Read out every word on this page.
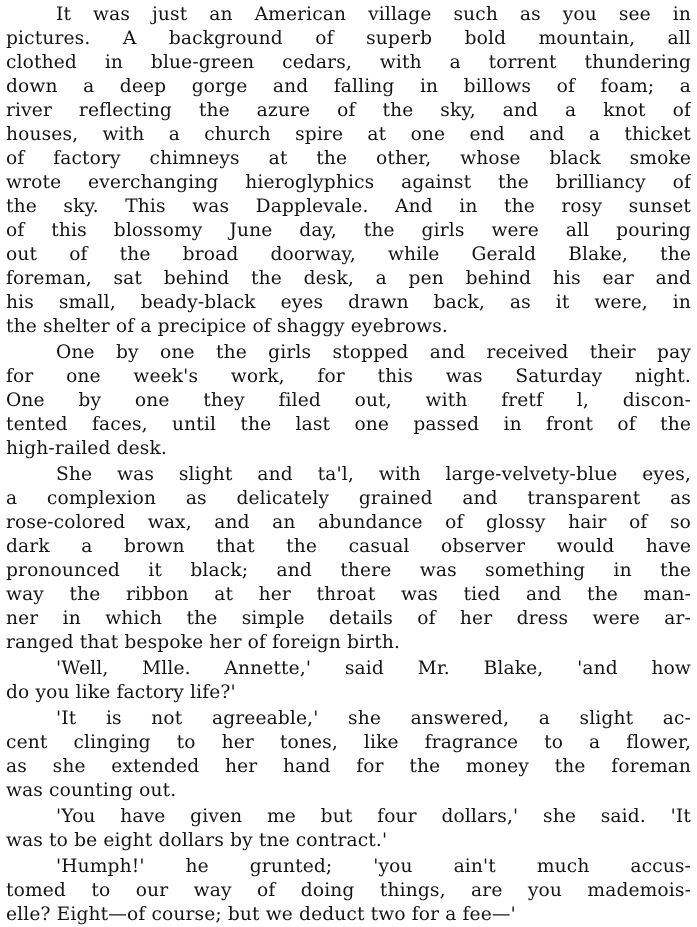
It was just an American village such as you see in
pictures. A background of superb bold mountain, all
clothed in blue-green cedars, with a torrent thundering
down a deep gorge and falling in billows of foam; a
river reflecting the azure of the sky, and a knot of
houses, with a church spire at one end and a thicket
of factory chimneys at the other, whose black smoke
wrote everchanging hieroglyphics against the brilliancy of
the sky. This was Dapplevale. And in the rosy sunset
of this blossomy June day, the girls were all pouring
out of the broad doorway, while Gerald Blake, the
foreman, sat behind the desk, a pen behind his ear and
his small, beady-black eyes drawn back, as it were, in
the shelter of a precipice of shaggy eyebrows.

One by one the girls stopped and received their pay
for one week's work, for this was Saturday night.
One by one they filed out, with fretf l, discon-
tented faces, until the last one passed in front of the
high-railed desk.

She was slight and ta'l, with large-velvety-blue eyes,
a complexion as delicately grained and transparent as
rose-colored wax, and an abundance of glossy hair of so
dark a brown that the casual observer would have
pronounced it black; and there was something in the
way the ribbon at her throat was tied and the man-
ner in which the simple details of her dress were ar-
ranged that bespoke her of foreign birth.

'Well, Mlle. Annette,' said Mr. Blake, 'and how
do you like factory life?'

'It is not agreeable,' she answered, a slight ac-
cent clinging to her tones, like fragrance to a flower,
as she extended her hand for the money the foreman
was counting out.

'You have given me but four dollars,' she said. 'It
was to be eight dollars by tne contract.'

'Humph!' he grunted; 'you ain't much accus-
tomed to our way of doing things, are you mademois-
elle? Eight—of course; but we deduct two for a fee—'
